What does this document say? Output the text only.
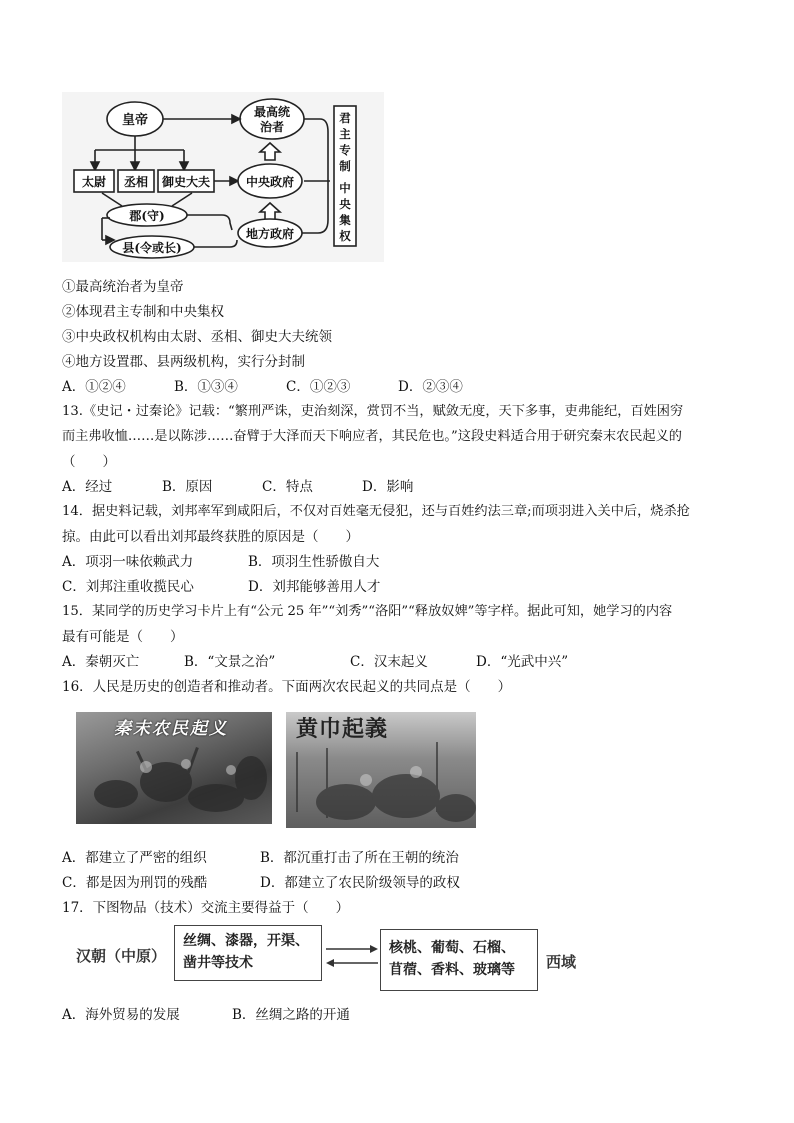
皇帝
最高统
治者
太尉 丞相 御史大夫	中央政府
郡(守)
地方政府
县(令或长)
君
主
专
制
中
央
集
权
①最高统治者为皇帝
②体现君主专制和中央集权
③中央政权机构由太尉、丞相、御史大夫统领
④地方设置郡、县两级机构，实行分封制
A．①②④	B．①③④	C．①②③	D．②③④
13.《史记・过秦论》记载：“繁刑严诛，吏治刻深，赏罚不当，赋敛无度，天下多事，吏弗能纪，百姓困穷
而主弗收恤……是以陈涉……奋臂于大泽而天下响应者，其民危也。”这段史料适合用于研究秦末农民起义的
（　　）
A．经过	B．原因	C．特点	D．影响
14．据史料记载，刘邦率军到咸阳后，不仅对百姓毫无侵犯，还与百姓约法三章;而项羽进入关中后，烧杀抢
掠。由此可以看出刘邦最终获胜的原因是（　　）
A．项羽一味依赖武力	B．项羽生性骄傲自大
C．刘邦注重收揽民心	D．刘邦能够善用人才
15．某同学的历史学习卡片上有“公元 25 年”“刘秀”“洛阳”“释放奴婢”等字样。据此可知，她学习的内容
最有可能是（　　）
A．秦朝灭亡	B．“文景之治”	C．汉末起义	D．“光武中兴”
16．人民是历史的创造者和推动者。下面两次农民起义的共同点是（　　）
秦末农民起义	黄巾起義
A．都建立了严密的组织	B．都沉重打击了所在王朝的统治
C．都是因为刑罚的残酷	D．都建立了农民阶级领导的政权
17．下图物品（技术）交流主要得益于（　　）
汉朝（中原）
丝绸、漆器，开渠、
凿井等技术
核桃、葡萄、石榴、
苜蓿、香料、玻璃等	西域
A．海外贸易的发展	B．丝绸之路的开通
